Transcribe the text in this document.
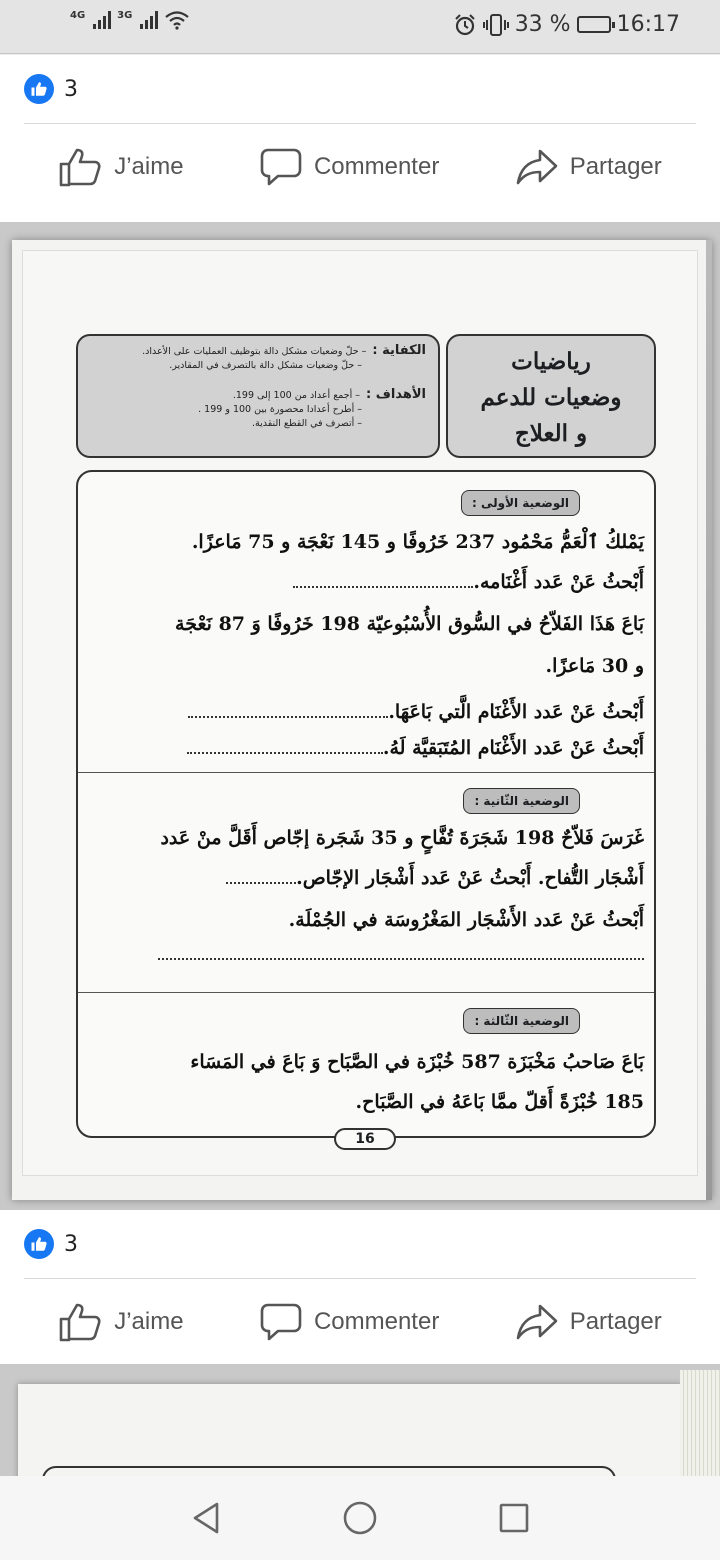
4G	3G	33 % 16:17
3
J’aime	Commenter	Partager
رياضيات
وضعيات للدعم
و العلاج

الكفاية :– حلّ وضعيات مشكل دالة بتوظيف العمليات على الأعداد.

– حلّ وضعيات مشكل دالة بالتصرف في المقادير.

الأهداف :– أجمع أعداد من 100 إلى 199.

– أطرح أعدادا محصورة بين 100 و 199 .

– أتصرف في القطع النقدية.

الوضعية الأولى :
يَمْلكُ ٱلْعَمُّ مَحْمُود 237 خَرُوفًا و 145 نَعْجَة و 75 مَاعزًا.
أَبْحثُ عَنْ عَدد أَغْنَامه.
بَاعَ هَذَا الفَلاّحُ في السُّوق الأُسْبُوعيّة 198 خَرُوفًا وَ 87 نَعْجَة
و 30 مَاعزًا.
أَبْحثُ عَنْ عَدد الأَغْنَام الَّتي بَاعَهَا.
أَبْحثُ عَنْ عَدد الأَغْنَام المُتَبَقيَّة لَهُ.
الوضعية الثّانية :
غَرَسَ فَلاّحٌ 198 شَجَرَةَ تُفَّاحٍ و 35 شَجَرة إجّاص أَقَلَّ منْ عَدد
أَشْجَار التُّفاح. أَبْحثُ عَنْ عَدد أَشْجَار الإجّاص.
أَبْحثُ عَنْ عَدد الأَشْجَار المَغْرُوسَة في الجُمْلَة.
الوضعية الثّالثة :
بَاعَ صَاحبُ مَخْبَزَة 587 خُبْزَة في الصَّبَاح وَ بَاعَ في المَسَاء
185 خُبْزَةً أَقلّ ممَّا بَاعَهُ في الصَّبَاح.
16
3
J’aime	Commenter	Partager
